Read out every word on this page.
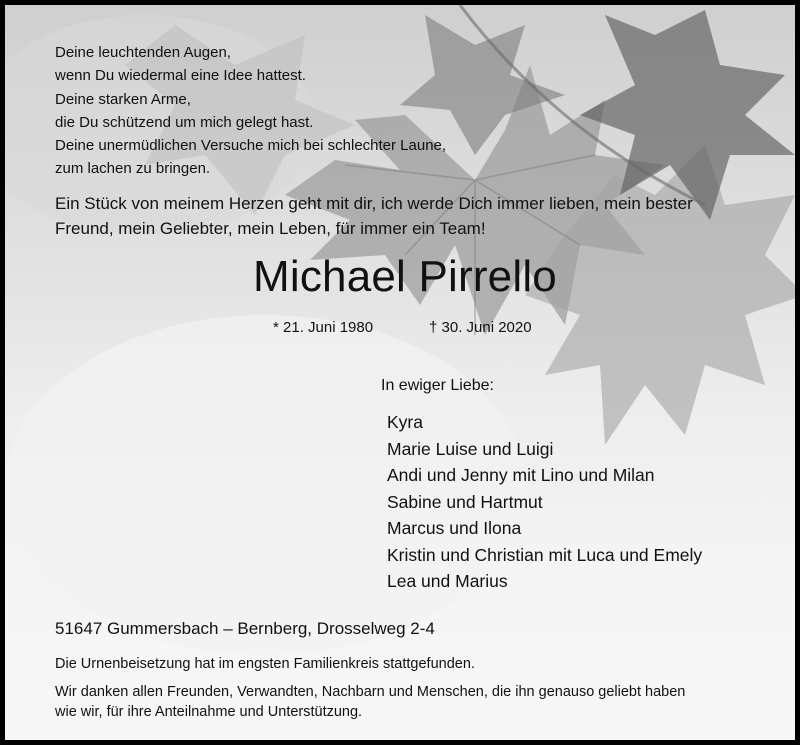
Deine leuchtenden Augen,
wenn Du wiedermal eine Idee hattest.
Deine starken Arme,
die Du schützend um mich gelegt hast.
Deine unermüdlichen Versuche mich bei schlechter Laune,
zum lachen zu bringen.
Ein Stück von meinem Herzen geht mit dir, ich werde Dich immer lieben, mein bester
Freund, mein Geliebter, mein Leben, für immer ein Team!
Michael Pirrello
* 21. Juni 1980	† 30. Juni 2020
In ewiger Liebe:
Kyra
Marie Luise und Luigi
Andi und Jenny mit Lino und Milan
Sabine und Hartmut
Marcus und Ilona
Kristin und Christian mit Luca und Emely
Lea und Marius
51647 Gummersbach – Bernberg, Drosselweg 2-4
Die Urnenbeisetzung hat im engsten Familienkreis stattgefunden.
Wir danken allen Freunden, Verwandten, Nachbarn und Menschen, die ihn genauso geliebt haben
wie wir, für ihre Anteilnahme und Unterstützung.
